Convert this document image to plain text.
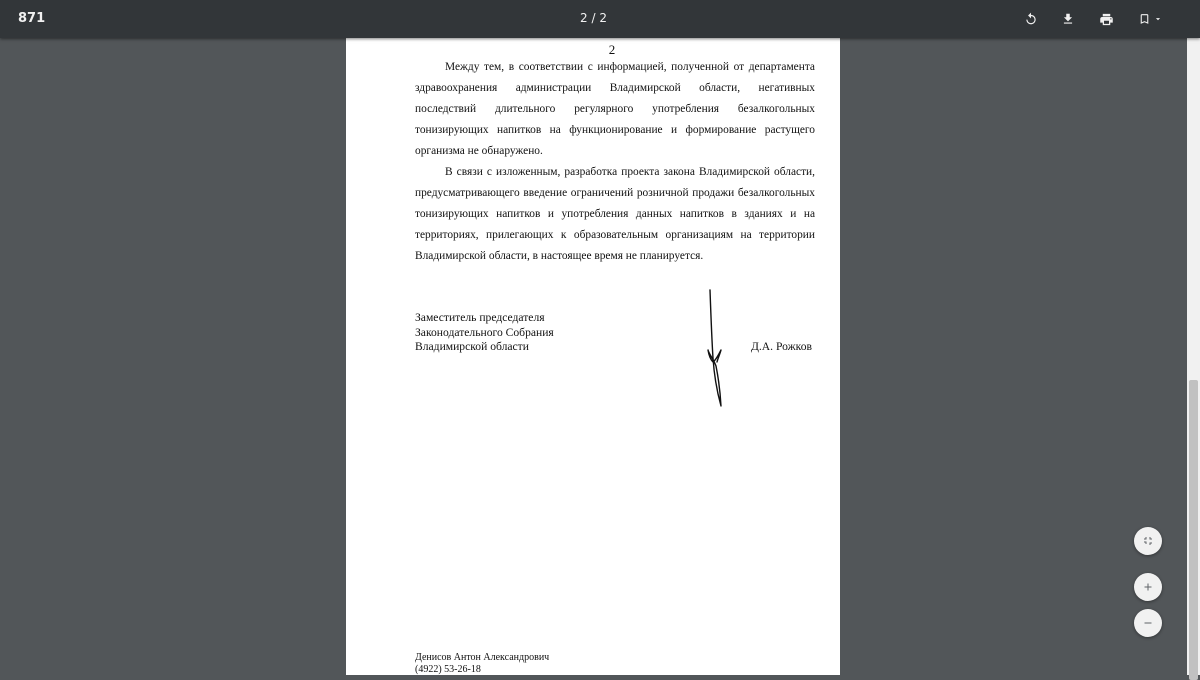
871	2 / 2
2

Между тем, в соответствии с информацией, полученной от департамента здравоохранения администрации Владимирской области, негативных последствий длительного регулярного употребления безалкогольных тонизирующих напитков на функционирование и формирование растущего организма не обнаружено.

В связи с изложенным, разработка проекта закона Владимирской области, предусматривающего введение ограничений розничной продажи безалкогольных тонизирующих напитков и употребления данных напитков в зданиях и на территориях, прилегающих к образовательным организациям на территории Владимирской области, в настоящее время не планируется.

Заместитель председателя
Законодательного Собрания
Владимирской области	Д.А. Рожков
Денисов Антон Александрович
(4922) 53-26-18
